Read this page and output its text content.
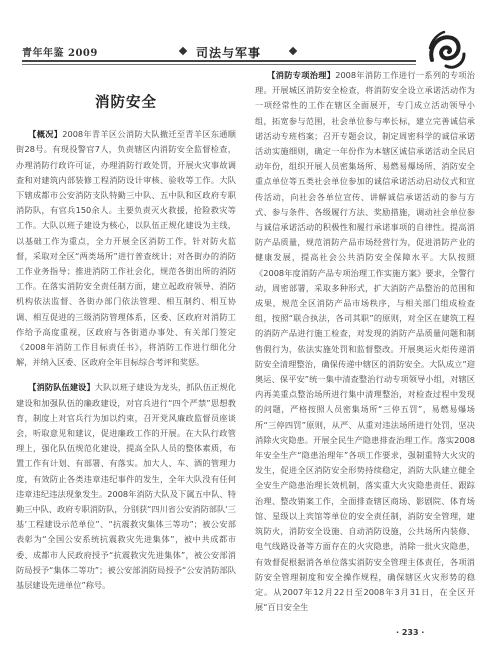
青年年鉴 2009	司法与军事
消防安全

【概况】2008年青羊区公消防大队撤迁至青羊区东通顺街28号。有现役警官7人，负责辖区内消防安全监督检查，办理消防行政许可证，办理消防行政处罚，开展火灾事故调查和对建筑内部装修工程消防设计审核、验收等工作。大队下辖成都市公安消防支队特勤三中队、五中队和区政府专职消防队，有官兵150余人。主要负责灭火救援，抢险救灾等工作。大队以班子建设为核心，以队伍正规化建设为主线，以基础工作为重点，全力开展全区消防工作，针对防火监督，采取对全区“两类场所”进行普查统计；对各街办的消防工作业务指导；推进消防工作社会化，规范各街出所的消防工作。在落实消防安全责任制方面，建立起政府领导、消防机构依法监督、各街办部门依法管理、相互制约、相互协调、相互促进的三级消防管理体系，区委、区政府对消防工作给予高度重视，区政府与各街道办事处、有关部门签定《2008年消防工作目标责任书》，将消防工作进行细化分解，并纳入区委、区政府全年目标综合考评和奖惩。

【消防队伍建设】大队以班子建设为龙头，抓队伍正规化建设和加强队伍的廉政建设，对官兵进行“四个严禁”思想教育，制度上对官兵行为加以约束，召开党风廉政监督员座谈会，听取意见和建议，促进廉政工作的开展。在大队行政管理上，强化队伍规范化建设，提高全队人员的整体素质，布置工作有计划、有部署、有落实。加大人、车、酒的管理力度，有效防止各类违章违纪事件的发生，全年大队没有任何违章违纪违法现象发生。2008年消防大队及下属五中队、特勤三中队、政府专职消防队，分别获“四川省公安消防部队‘三基’工程建设示范单位”、“抗震救灾集体三等功”；被公安部表彰为“全国公安系统抗震救灾先进集体”，被中共成都市委、成都市人民政府授予“抗震救灾先进集体”，被公安部消防局授予“集体二等功”；被公安部消防局授予“公安消防部队基层建设先进单位”称号。

【消防专项治理】2008年消防工作进行一系列的专项治理。开展城区消防安全检查，将消防安全设立承诺活动作为一项经常性的工作在辖区全面展开，专门成立活动领导小组，拓宽参与范围，社会单位参与率长标，建立完善诚信承诺活动专班档案；召开专题会议，制定周密科学的诚信承诺活动实施细则，确定一年份作为本辖区诚信承诺活动全民启动年份，组织开展人员密集场所、易燃易爆场所、消防安全重点单位等五类社会单位参加的诚信承诺活动启动仪式和宣传活动，向社会各单位宣传、讲解诚信承诺活动的参与方式、参与条件、各级履行方法、奖励措施，调动社会单位参与诚信承诺活动的积极性和履行承诺事项的自律性。提高消防产品质量，规范消防产品市场经营行为，促进消防产业的健康发展，提高社会公共消防安全保障水平。大队按照《2008年度消防产品专项治理工作实施方案》要求，全警行动，周密部署，采取多种形式，扩大消防产品整治的范围和成果，规范全区消防产品市场秩序，与相关部门组成检查组，按照“联合执法，各司其职”的原则，对全区在建筑工程的消防产品进行施工检查，对发现的消防产品质量问题和制售假行为，依法实施处罚和监督整改。开展奥运火炬传递消防安全清理整治，确保传递中辖区的消防安全。大队成立“迎奥运、保平安”统一集中清查整治行动专项领导小组，对辖区内再美重点整治场所进行集中清理整治，对检查过程中发现的问题，严格按照人员密集场所“三停五罚”，易燃易爆场所“三停四罚”原则，从严、从重对违法场所进行处罚，坚决消除火灾隐患。开展全民生产隐患排查治理工作。落实2008年安全生产“隐患治理年”各项工作要求，强制重特大火灾的发生，促进全区消防安全形势持续稳定，消防大队建立健全全安生产隐患治理长效机制，落实重大火灾隐患责任、跟踪治理、整改销案工作，全面排查辖区商场、影剧院、体育场馆、星级以上宾馆等单位的安全责任制，消防安全管理，建筑防火，消防安全设施、自动消防设施，公共场所内装修、电气线路设备等方面存在的火灾隐患，消除一批火灾隐患，有效督促根据消各单位落实消防安全管理主体责任，各项消防安全管理制度和安全操作规程，确保辖区火灾形势的稳定。从2007年12月22日至2008年3月31日，在全区开展“百日安全生

· 233 ·
